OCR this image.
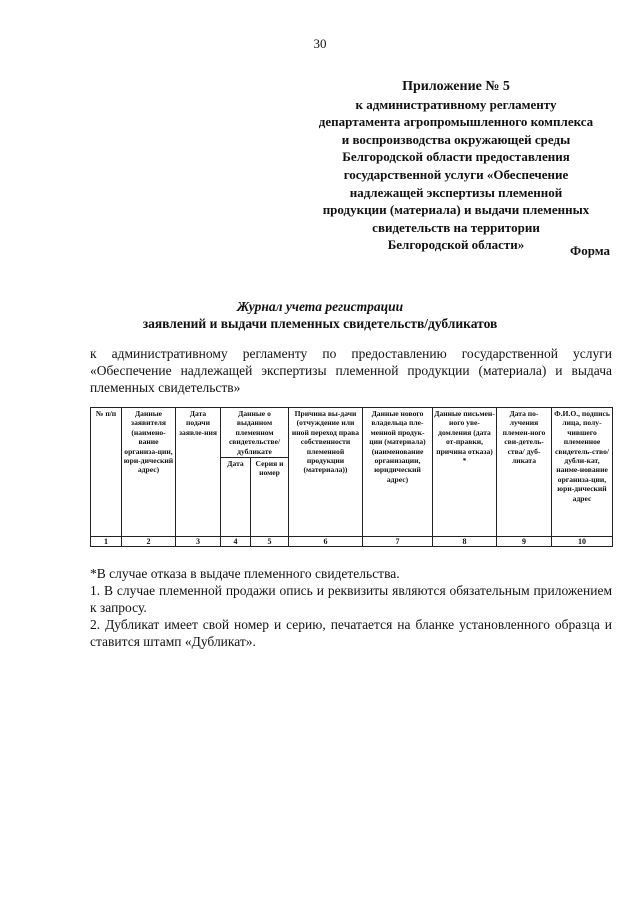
30
Приложение № 5
к административному регламенту
департамента агропромышленного комплекса
и воспроизводства окружающей среды
Белгородской области предоставления
государственной услуги «Обеспечение
надлежащей экспертизы племенной
продукции (материала) и выдачи племенных
свидетельств на территории
Белгородской области»	Форма
Журнал учета регистрации
заявлений и выдачи племенных свидетельств/дубликатов
к административному регламенту по предоставлению государственной услуги «Обеспечение надлежащей экспертизы племенной продукции (материала) и выдача племенных свидетельств»
№ п/п	Данные заявителя (наимено-вание организа-ции, юри-дический адрес)	Дата подачи заявле-ния	Данные о выданном племенном свидетельстве/ дубликате		Причина вы-дачи (отчуждение или иной переход права собственности племенной продукции (материала))	Данные нового владельца пле-менной продук-ции (материала) (наименование организации, юридический адрес)	Данные письмен-ного уве-домления (дата от-правки, причина отказа) *	Дата по-лучения племен-ного сви-детель-ства/ дуб-ликата	Ф.И.О., подпись лица, полу-чившего племенное свидетель-ство/ дубли-кат, наиме-нование организа-ции, юри-дический адрес
			Дата	Серия и номер					
1	2	3	4	5	6	7	8	9	10

*В случае отказа в выдаче племенного свидетельства.

1. В случае племенной продажи опись и реквизиты являются обязательным приложением к запросу.

2. Дубликат имеет свой номер и серию, печатается на бланке установленного образца и ставится штамп «Дубликат».
